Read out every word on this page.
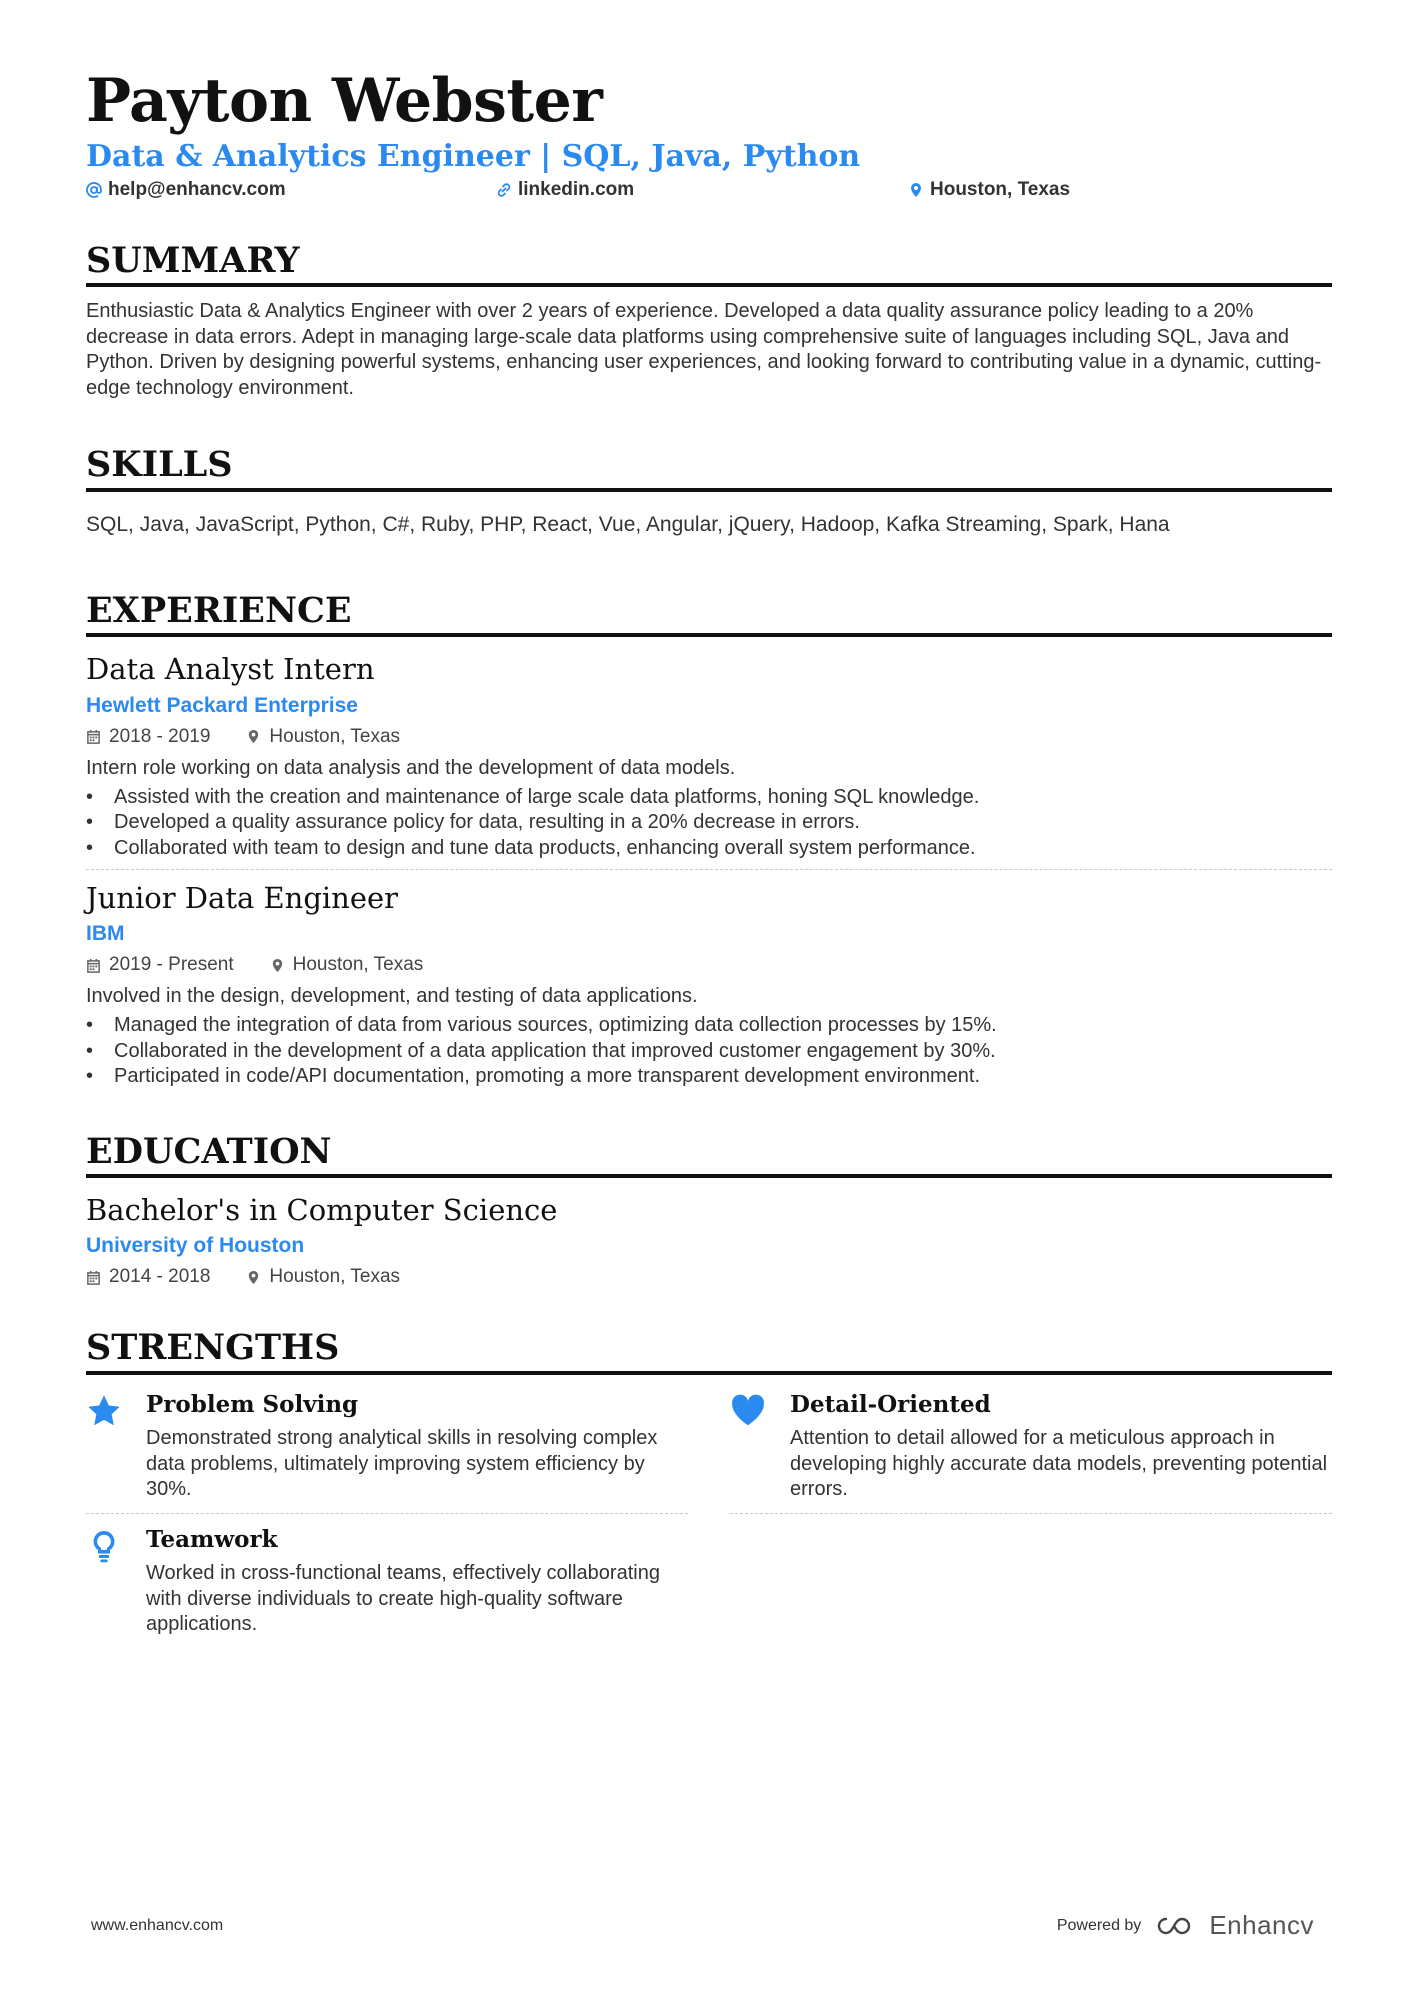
Payton Webster
Data & Analytics Engineer | SQL, Java, Python
help@enhancv.com	linkedin.com	Houston, Texas
SUMMARY
Enthusiastic Data & Analytics Engineer with over 2 years of experience. Developed a data quality assurance policy leading to a 20% decrease in data errors. Adept in managing large-scale data platforms using comprehensive suite of languages including SQL, Java and Python. Driven by designing powerful systems, enhancing user experiences, and looking forward to contributing value in a dynamic, cutting-edge technology environment.
SKILLS
SQL, Java, JavaScript, Python, C#, Ruby, PHP, React, Vue, Angular, jQuery, Hadoop, Kafka Streaming, Spark, Hana
EXPERIENCE
Data Analyst Intern
Hewlett Packard Enterprise
2018 - 2019	Houston, Texas
Intern role working on data analysis and the development of data models.
• Assisted with the creation and maintenance of large scale data platforms, honing SQL knowledge.
• Developed a quality assurance policy for data, resulting in a 20% decrease in errors.
• Collaborated with team to design and tune data products, enhancing overall system performance.
Junior Data Engineer
IBM
2019 - Present	Houston, Texas
Involved in the design, development, and testing of data applications.
• Managed the integration of data from various sources, optimizing data collection processes by 15%.
• Collaborated in the development of a data application that improved customer engagement by 30%.
• Participated in code/API documentation, promoting a more transparent development environment.
EDUCATION
Bachelor's in Computer Science
University of Houston
2014 - 2018	Houston, Texas
STRENGTHS
Problem Solving
Demonstrated strong analytical skills in resolving complex data problems, ultimately improving system efficiency by 30%.
Detail-Oriented
Attention to detail allowed for a meticulous approach in developing highly accurate data models, preventing potential errors.
Teamwork
Worked in cross-functional teams, effectively collaborating with diverse individuals to create high-quality software applications.
www.enhancv.com	Powered by	Enhancv
